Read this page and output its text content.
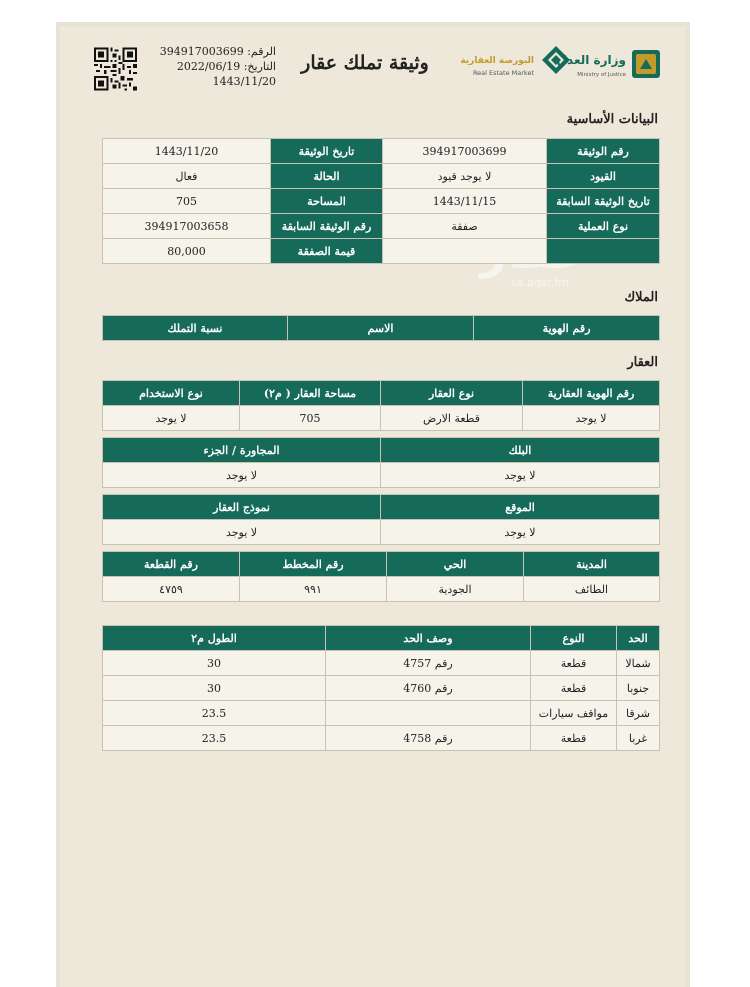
الرقم: 394917003699
التاريخ: 2022/06/19
1443/11/20
وثيقة تملك عقار	البورصة العقارية
Real Estate Market
وزارة العدل
Ministry of Justice
sa.aqar.fm
البيانات الأساسية
رقم الوثيقة	394917003699	تاريخ الوثيقة	1443/11/20
القيود	لا يوجد قيود	الحالة	فعال
تاريخ الوثيقة السابقة	1443/11/15	المساحة	705
نوع العملية	صفقة	رقم الوثيقة السابقة	394917003658
		قيمة الصفقة	80,000
الملاك
رقم الهوية	الاسم	نسبة التملك
العقار
رقم الهوية العقارية	نوع العقار	مساحة العقار ( م٢)	نوع الاستخدام
لا يوجد	قطعة الارض	705	لا يوجد
البلك	المجاورة / الجزء
لا يوجد	لا يوجد
الموقع	نموذج العقار
لا يوجد	لا يوجد
المدينة	الحي	رقم المخطط	رقم القطعة
الطائف	الجودية	٩٩١	٤٧٥٩
الحد	النوع	وصف الحد	الطول م٢
شمالا	قطعة	رقم 4757	30
جنوبا	قطعة	رقم 4760	30
شرقا	مواقف سيارات		23.5
غربا	قطعة	رقم 4758	23.5
